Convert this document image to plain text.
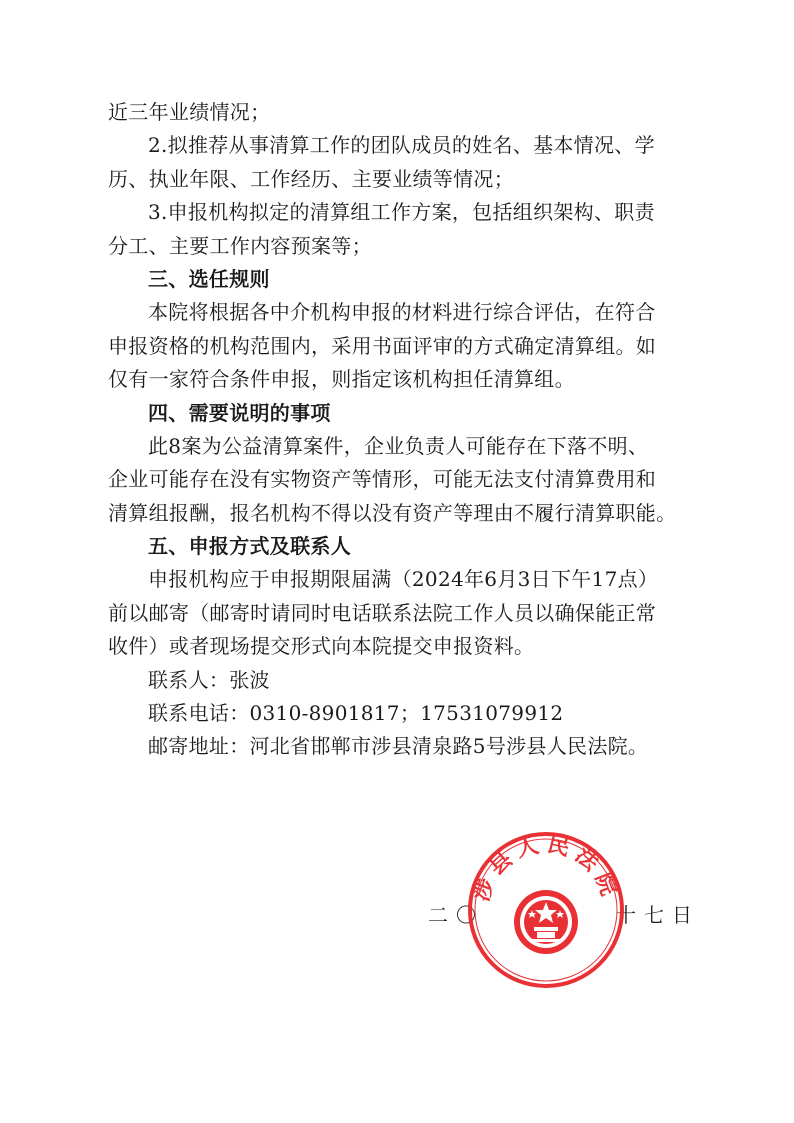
近三年业绩情况；
2.拟推荐从事清算工作的团队成员的姓名、基本情况、学
历、执业年限、工作经历、主要业绩等情况；
3.申报机构拟定的清算组工作方案，包括组织架构、职责
分工、主要工作内容预案等；
三、选任规则
本院将根据各中介机构申报的材料进行综合评估，在符合
申报资格的机构范围内，采用书面评审的方式确定清算组。如
仅有一家符合条件申报，则指定该机构担任清算组。
四、需要说明的事项
此8案为公益清算案件，企业负责人可能存在下落不明、
企业可能存在没有实物资产等情形，可能无法支付清算费用和
清算组报酬，报名机构不得以没有资产等理由不履行清算职能。
五、申报方式及联系人
申报机构应于申报期限届满（2024年6月3日下午17点）
前以邮寄（邮寄时请同时电话联系法院工作人员以确保能正常
收件）或者现场提交形式向本院提交申报资料。
联系人：张波
联系电话：0310-8901817；17531079912
邮寄地址：河北省邯郸市涉县清泉路5号涉县人民法院。
二〇	十七日
涉县人民法院
